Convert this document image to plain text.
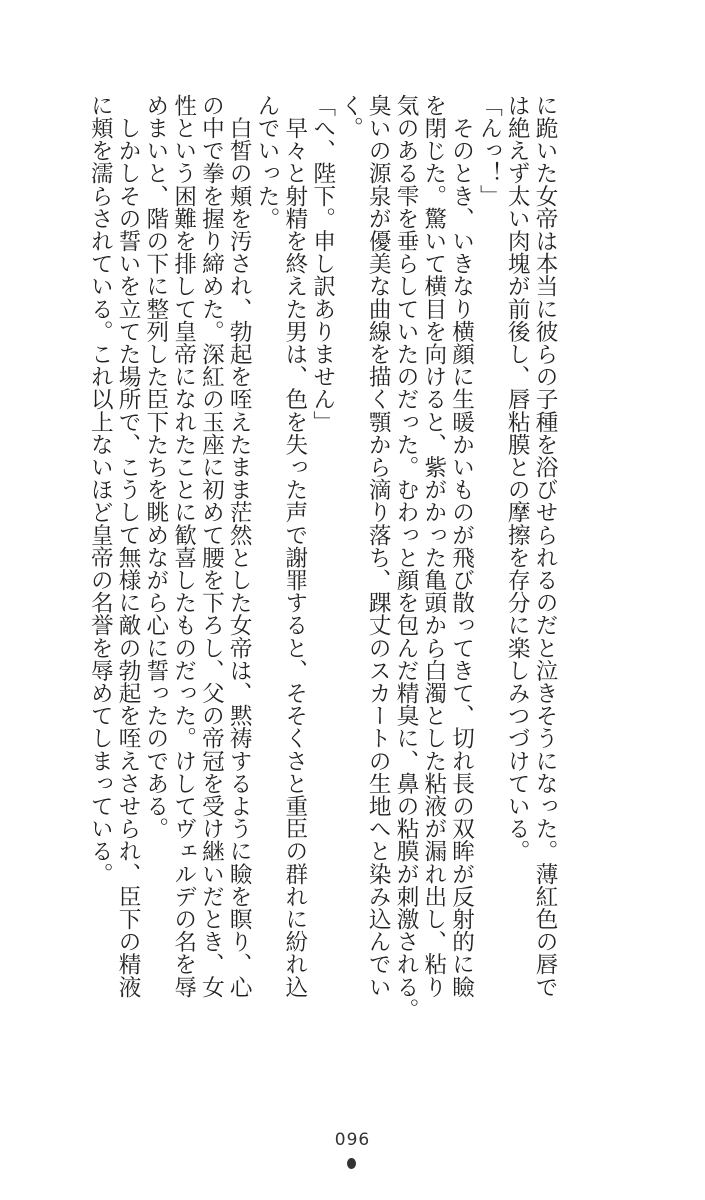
に跪いた女帝は本当に彼らの子種を浴びせられるのだと泣きそうになった。薄紅色の唇で
は絶えず太い肉塊が前後し、唇粘膜との摩擦を存分に楽しみつづけている。
「んっ！」
　そのとき、いきなり横顔に生暖かいものが飛び散ってきて、切れ長の双眸が反射的に瞼
を閉じた。驚いて横目を向けると、紫がかった亀頭から白濁とした粘液が漏れ出し、粘り
気のある雫を垂らしていたのだった。むわっと顔を包んだ精臭に、鼻の粘膜が刺激される。
臭いの源泉が優美な曲線を描く顎から滴り落ち、踝丈のスカートの生地へと染み込んでい
く。
「へ、陛下。申し訳ありません」
　早々と射精を終えた男は、色を失った声で謝罪すると、そそくさと重臣の群れに紛れ込
んでいった。
　白皙の頬を汚され、勃起を咥えたまま茫然とした女帝は、黙祷するように瞼を瞑り、心
の中で拳を握り締めた。深紅の玉座に初めて腰を下ろし、父の帝冠を受け継いだとき、女
性という困難を排して皇帝になれたことに歓喜したものだった。けしてヴェルデの名を辱
めまいと、階の下に整列した臣下たちを眺めながら心に誓ったのである。
　しかしその誓いを立てた場所で、こうして無様に敵の勃起を咥えさせられ、臣下の精液
に頬を濡らされている。これ以上ないほど皇帝の名誉を辱めてしまっている。
096
